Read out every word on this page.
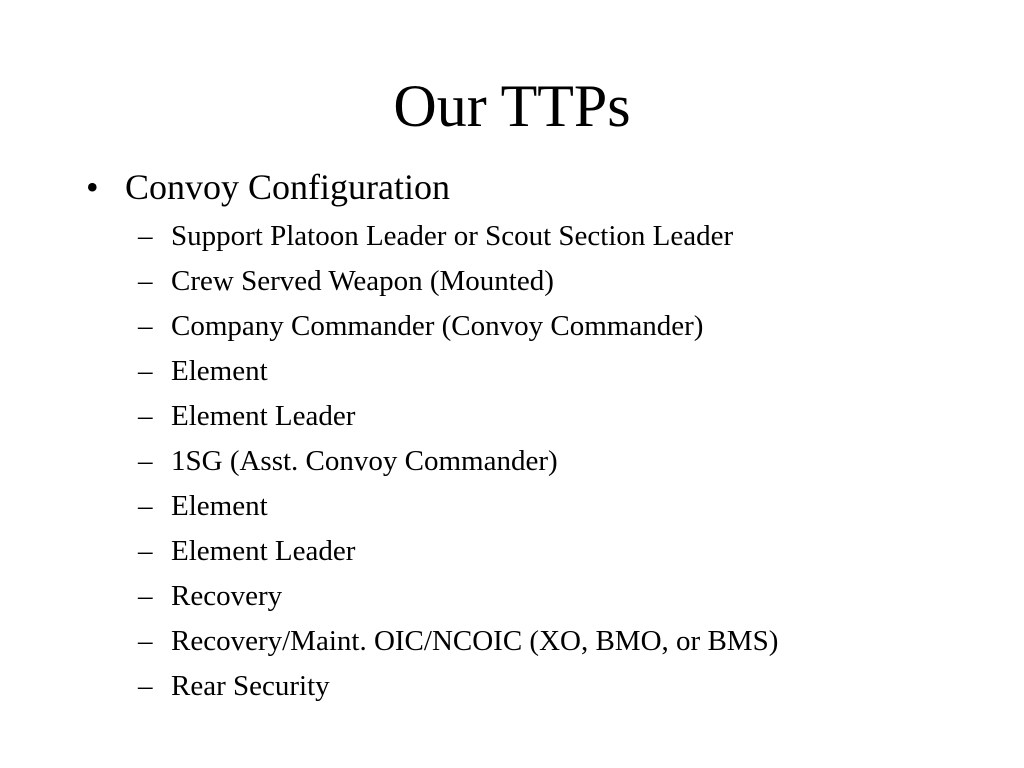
Our TTPs
• Convoy Configuration
– Support Platoon Leader or Scout Section Leader
– Crew Served Weapon (Mounted)
– Company Commander (Convoy Commander)
– Element
– Element Leader
– 1SG (Asst. Convoy Commander)
– Element
– Element Leader
– Recovery
– Recovery/Maint. OIC/NCOIC (XO, BMO, or BMS)
– Rear Security
